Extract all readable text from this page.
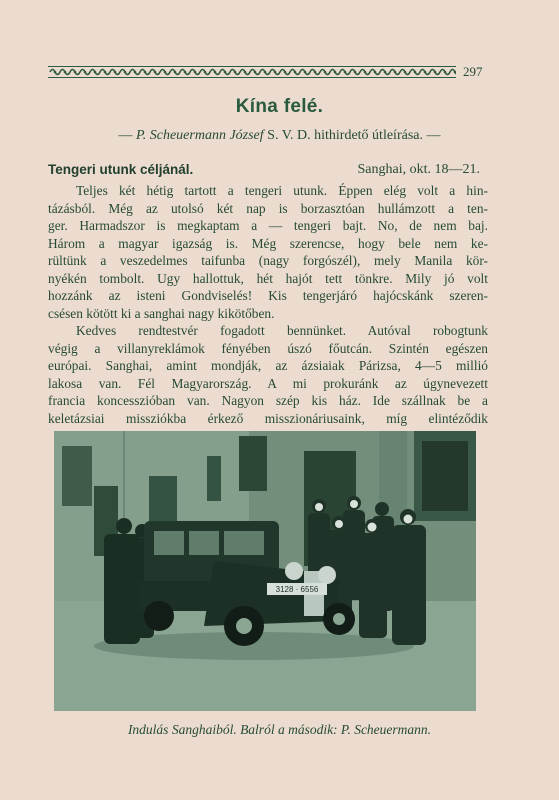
297
Kína felé.
— P. Scheuermann József S. V. D. hithirdető útleírása. —
Tengeri utunk céljánál.	Sanghai, okt. 18—21.
Teljes két hétig tartott a tengeri utunk. Éppen elég volt a hin-
tázásból. Még az utolsó két nap is borzasztóan hullámzott a ten-
ger. Harmadszor is megkaptam a — tengeri bajt. No, de nem baj.
Három a magyar igazság is. Még szerencse, hogy bele nem ke-
rültünk a veszedelmes taifunba (nagy forgószél), mely Manila kör-
nyékén tombolt. Ugy hallottuk, hét hajót tett tönkre. Mily jó volt
hozzánk az isteni Gondviselés! Kis tengerjáró hajócskánk szeren-
csésen kötött ki a sanghai nagy kikötőben.
Kedves rendtestvér fogadott bennünket. Autóval robogtunk
végig a villanyreklámok fényében úszó főutcán. Szintén egészen
európai. Sanghai, amint mondják, az ázsiaiak Párizsa, 4—5 millió
lakosa van. Fél Magyarország. A mi prokuránk az úgynevezett
francia koncesszióban van. Nagyon szép kis ház. Ide szállnak be a
keletázsiai missziókba érkező misszionáriusaink, míg elintéződik
3128 · 6556
Indulás Sanghaiból. Balról a második: P. Scheuermann.
